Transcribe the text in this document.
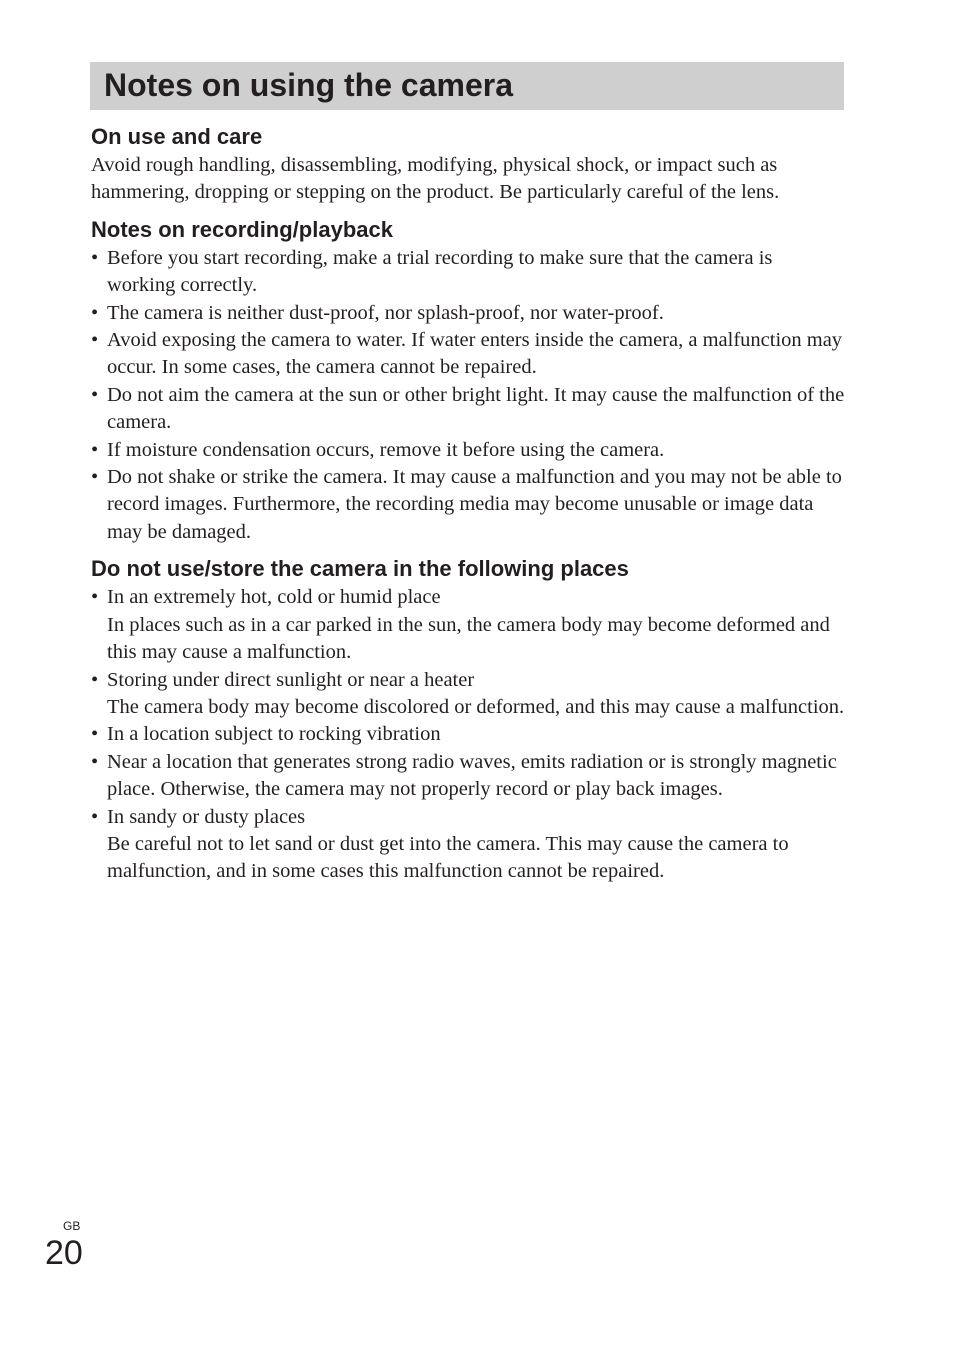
Notes on using the camera
On use and care

Avoid rough handling, disassembling, modifying, physical shock, or impact such as hammering, dropping or stepping on the product. Be particularly careful of the lens.

Notes on recording/playback
• Before you start recording, make a trial recording to make sure that the camera is working correctly.
• The camera is neither dust-proof, nor splash-proof, nor water-proof.
• Avoid exposing the camera to water. If water enters inside the camera, a malfunction may occur. In some cases, the camera cannot be repaired.
• Do not aim the camera at the sun or other bright light. It may cause the malfunction of the camera.
• If moisture condensation occurs, remove it before using the camera.
• Do not shake or strike the camera. It may cause a malfunction and you may not be able to record images. Furthermore, the recording media may become unusable or image data may be damaged.
Do not use/store the camera in the following places
• In an extremely hot, cold or humid place
In places such as in a car parked in the sun, the camera body may become deformed and this may cause a malfunction.
• Storing under direct sunlight or near a heater
The camera body may become discolored or deformed, and this may cause a malfunction.
• In a location subject to rocking vibration
• Near a location that generates strong radio waves, emits radiation or is strongly magnetic place. Otherwise, the camera may not properly record or play back images.
• In sandy or dusty places
Be careful not to let sand or dust get into the camera. This may cause the camera to malfunction, and in some cases this malfunction cannot be repaired.
GB
20
